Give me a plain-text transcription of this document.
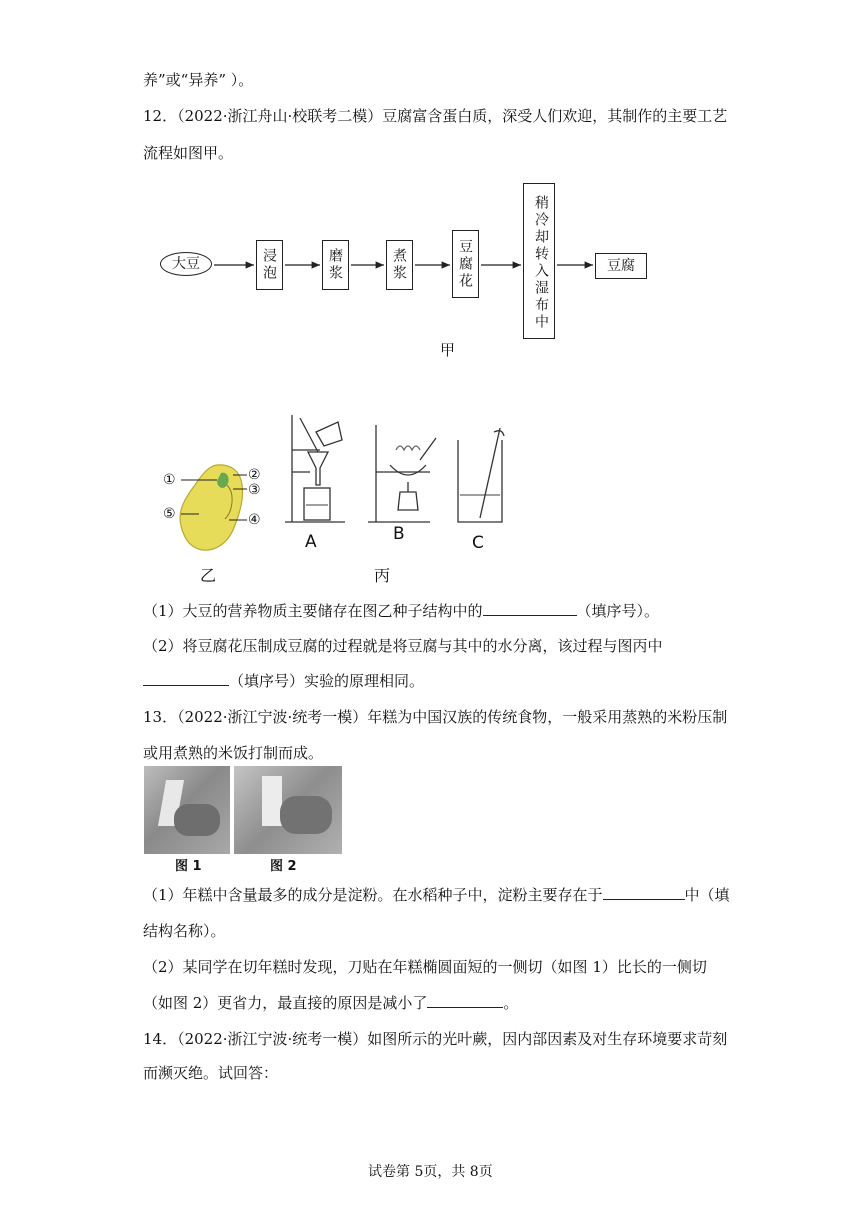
养”或“异养” ）。
12．（2022·浙江舟山·校联考二模）豆腐富含蛋白质，深受人们欢迎，其制作的主要工艺
流程如图甲。
大豆	浸泡	磨浆	煮浆	豆腐花	稍冷却转入湿布中	豆腐
甲
①	②
③
④
⑤
乙
A	B	C
丙
（1）大豆的营养物质主要储存在图乙种子结构中的	（填序号）。
（2）将豆腐花压制成豆腐的过程就是将豆腐与其中的水分离，该过程与图丙中
（填序号）实验的原理相同。
13．（2022·浙江宁波·统考一模）年糕为中国汉族的传统食物，一般采用蒸熟的米粉压制
或用煮熟的米饭打制而成。
图 1	图 2
（1）年糕中含量最多的成分是淀粉。在水稻种子中，淀粉主要存在于	中（填
结构名称）。
（2）某同学在切年糕时发现，刀贴在年糕椭圆面短的一侧切（如图 1）比长的一侧切
（如图 2）更省力，最直接的原因是减小了	。
14．（2022·浙江宁波·统考一模）如图所示的光叶蕨，因内部因素及对生存环境要求苛刻
而濒灭绝。试回答：
试卷第 5页，共 8页
